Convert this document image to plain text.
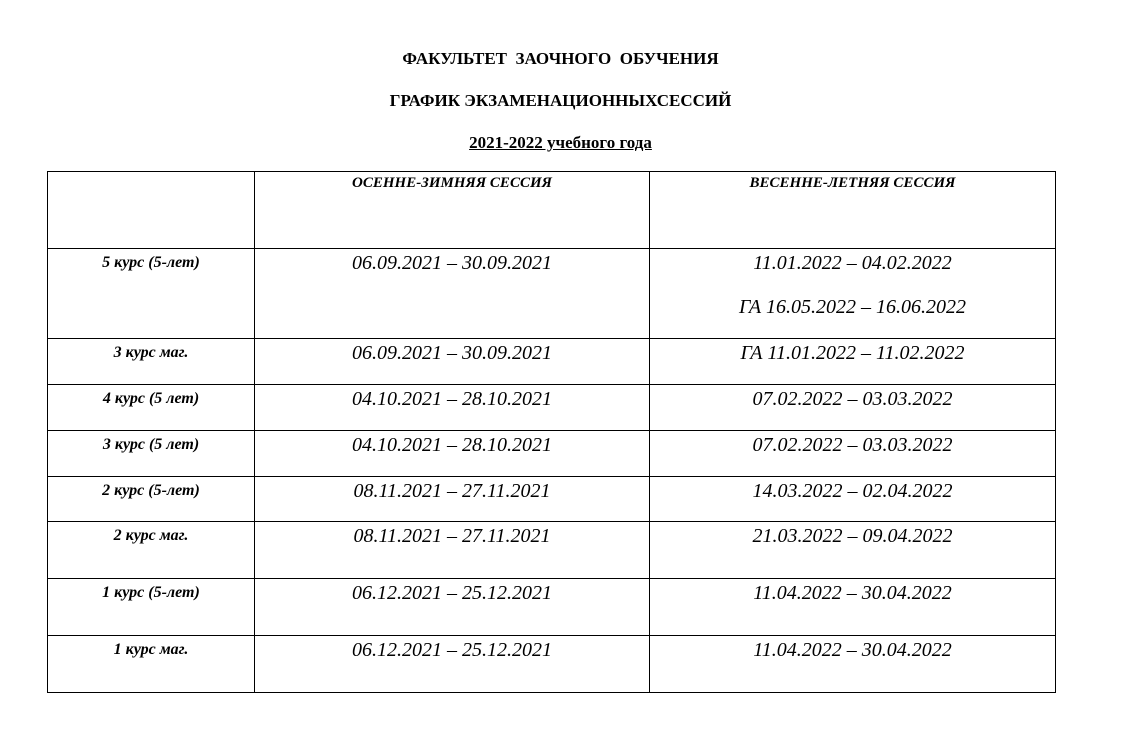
ФАКУЛЬТЕТ  ЗАОЧНОГО  ОБУЧЕНИЯ
ГРАФИК ЭКЗАМЕНАЦИОННЫХСЕССИЙ
2021-2022 учебного года
	ОСЕННЕ-ЗИМНЯЯ СЕССИЯ	ВЕСЕННЕ-ЛЕТНЯЯ СЕССИЯ
5 курс (5-лет)	06.09.2021 – 30.09.2021	11.01.2022 – 04.02.2022
ГА 16.05.2022 – 16.06.2022

3 курс маг.	06.09.2021 – 30.09.2021	ГА 11.01.2022 – 11.02.2022

4 курс (5 лет)	04.10.2021 – 28.10.2021	07.02.2022 – 03.03.2022

3 курс (5 лет)	04.10.2021 – 28.10.2021	07.02.2022 – 03.03.2022

2 курс (5-лет)	08.11.2021 – 27.11.2021	14.03.2022 – 02.04.2022

2 курс маг.	08.11.2021 – 27.11.2021	21.03.2022 – 09.04.2022

1 курс (5-лет)	06.12.2021 – 25.12.2021	11.04.2022 – 30.04.2022

1 курс маг.	06.12.2021 – 25.12.2021	11.04.2022 – 30.04.2022
